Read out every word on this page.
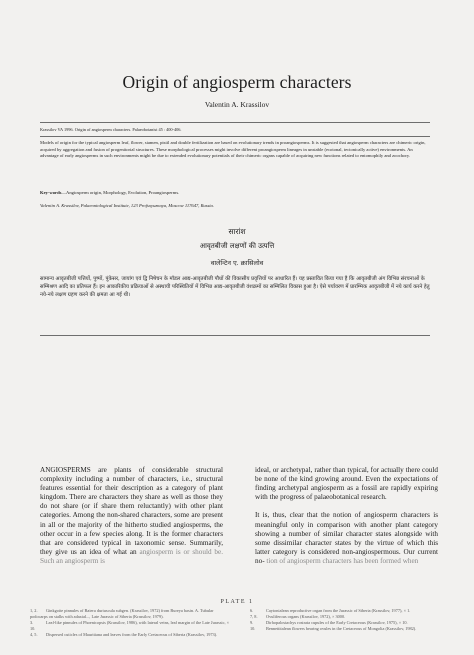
Origin of angiosperm characters
Valentin A. Krassilov

Krassilov VA 1996. Origin of angiosperm characters. Palaeobotanist 45 : 400-406.

Models of origin for the typical angiosperm leaf, flower, stamen, pistil and double fertilization are based on evolutionary trends in proangiosperms. It is suggested that angiosperm characters are chimeric origin, acquired by aggregation and fusion of progenitorial structures. These morphological processes might involve different proangiosperm lineages in unstable (ecotonal, tectonically active) environments. An advantage of early angiosperms in such environments might be due to extended evolutionary potentials of their chimeric organs capable of acquiring new functions related to entomophily and zoochory.

Key-words—Angiosperm origin, Morphology, Evolution, Proangiosperms.

Valentin A. Krassilov, Palaeontological Institute, 123 Profsoyuznaya, Moscow 117647, Russia.

सारांश
आवृतबीजी लक्षणों की उत्पत्ति
वालेन्टिन ए. क्रासिलोव

सामान्य आवृतबीजी पत्तियों, पुष्पों, पुंकेसर, जायांग एवं द्वि निषेचन के मॉडल आद्य-आवृतबीजी पौधों की विकासीय प्रवृत्तियों पर आधारित हैं। यह प्रस्तावित किया गया है कि आवृतबीजी अंग विभिन्न संरचनाओं के सम्मिश्रण आदि का प्रतिफल हैं। इन आकारिकीय प्रक्रियाओं से अस्थायी परिस्थितियों में विभिन्न आद्य-आवृतबीजी वंशक्रमों का सम्मिलित विकास हुआ है। ऐसे पर्यावरण में प्रारम्भिक आवृतबीजी में नये कार्य करने हेतु नये-नये लक्षण ग्रहण करने की क्षमता आ गई थी।

ANGIOSPERMS are plants of considerable structural complexity including a number of characters, i.e., structural features essential for their description as a category of plant kingdom. There are characters they share as well as those they do not share (or if share them reluctantly) with other plant categories. Among the non-shared characters, some are present in all or the majority of the hitherto studied angiosperms, the other occur in a few species along. It is the former characters that are considered typical in taxonomic sense. Summarily, they give us an idea of what an angiosperm is or should be. Such an angiosperm is
ideal, or archetypal, rather than typical, for actually there could be none of the kind growing around. Even the expectations of finding archetypal angiosperm as a fossil are rapidly expiring with the progress of palaeobotanical research.

It is, thus, clear that the notion of angiosperm characters is meaningful only in comparison with another plant category showing a number of similar character states alongside with some dissimilar character states by the virtue of which this latter category is considered non-angiospermous. Our current no- tion of angiosperm characters has been formed when
PLATE 1
1, 2. Ginkgoite pinnules of Baiera duriuscula subgen. (Krassilov, 1972) from Bureya basin. A. Tubular podocarps on stalks with adaxial..., Late Jurassic of Siberia (Krassilov, 1979).
3.	Leaf-like pinnules of Phoenicopsis (Krassilov, 1986), with lateral veins, leaf margin of the Late Jurassic, × 10.
4, 5. Dispersed cuticles of Mauritiana and leaves from the Early Cretaceous of Siberia (Krassilov, 1973).
6.	Caytonialean reproductive organ from the Jurassic of Siberia (Krassilov, 1977), × 1.
7, 8. Ovuliferous organs (Krassilov, 1972), × 3000.
9.	Dirhopalostachys rostrata cupules of the Early Cretaceous (Krassilov, 1975), × 10.
10. Bennettitalean flowers bearing ovules in the Cretaceous of Mongolia (Krassilov, 1982).
